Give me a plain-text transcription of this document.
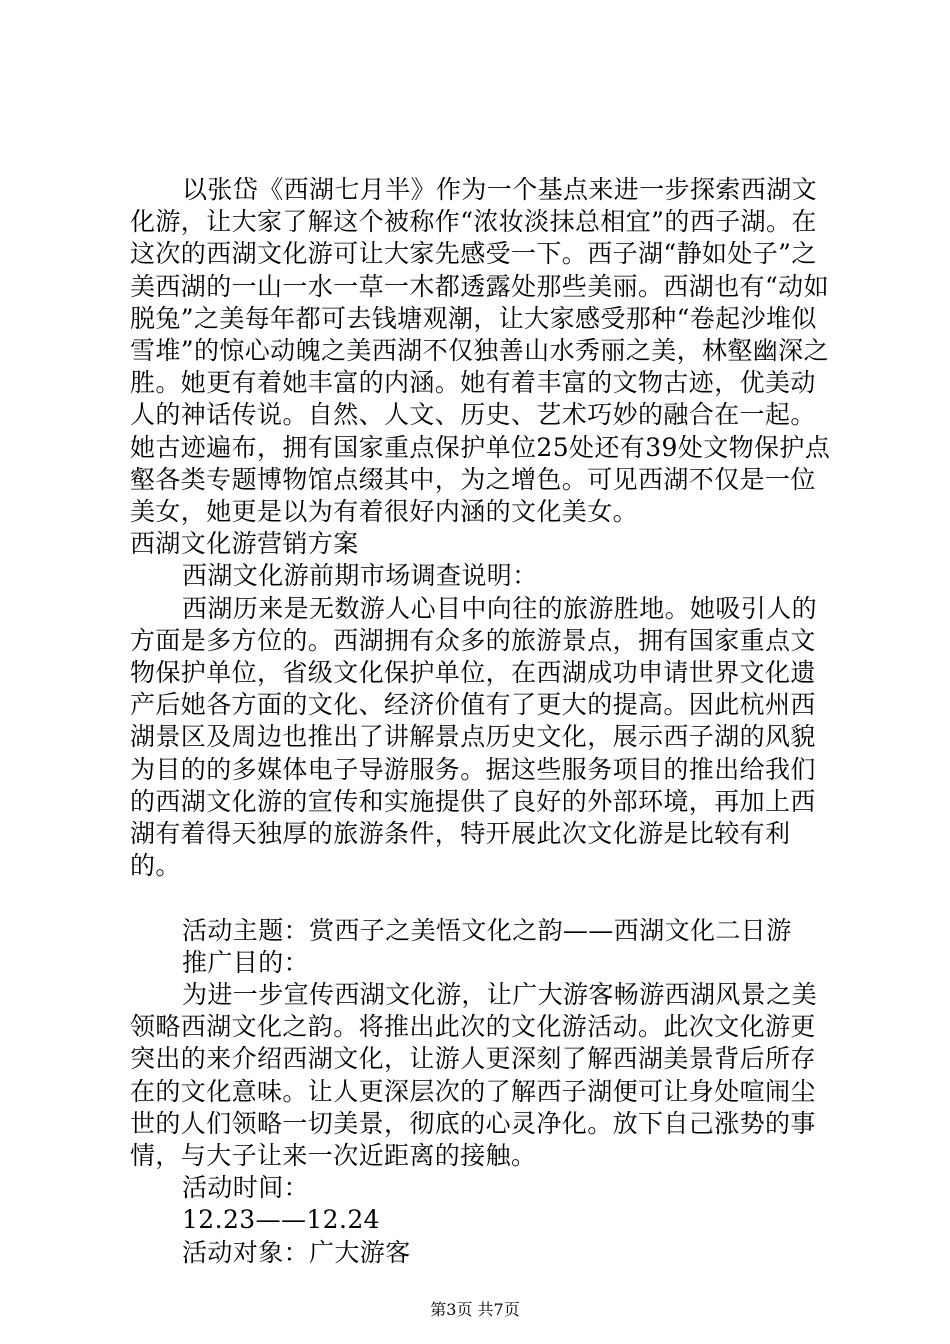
以张岱《西湖七月半》作为一个基点来进一步探索西湖文化游，让大家了解这个被称作“浓妆淡抹总相宜”的西子湖。在这次的西湖文化游可让大家先感受一下。西子湖“静如处子”之美西湖的一山一水一草一木都透露处那些美丽。西湖也有“动如脱兔”之美每年都可去钱塘观潮，让大家感受那种“卷起沙堆似雪堆”的惊心动魄之美西湖不仅独善山水秀丽之美，林壑幽深之胜。她更有着她丰富的内涵。她有着丰富的文物古迹，优美动人的神话传说。自然、人文、历史、艺术巧妙的融合在一起。她古迹遍布，拥有国家重点保护单位25处还有39处文物保护点壑各类专题博物馆点缀其中，为之增色。可见西湖不仅是一位美女，她更是以为有着很好内涵的文化美女。

西湖文化游营销方案

西湖文化游前期市场调查说明：

西湖历来是无数游人心目中向往的旅游胜地。她吸引人的方面是多方位的。西湖拥有众多的旅游景点，拥有国家重点文物保护单位，省级文化保护单位，在西湖成功申请世界文化遗产后她各方面的文化、经济价值有了更大的提高。因此杭州西湖景区及周边也推出了讲解景点历史文化，展示西子湖的风貌为目的的多媒体电子导游服务。据这些服务项目的推出给我们的西湖文化游的宣传和实施提供了良好的外部环境，再加上西湖有着得天独厚的旅游条件，特开展此次文化游是比较有利的。

活动主题：赏西子之美悟文化之韵——西湖文化二日游

推广目的：

为进一步宣传西湖文化游，让广大游客畅游西湖风景之美领略西湖文化之韵。将推出此次的文化游活动。此次文化游更突出的来介绍西湖文化，让游人更深刻了解西湖美景背后所存在的文化意味。让人更深层次的了解西子湖便可让身处喧闹尘世的人们领略一切美景，彻底的心灵净化。放下自己涨势的事情，与大子让来一次近距离的接触。

活动时间：

12.23——12.24

活动对象：广大游客

第3页 共7页
